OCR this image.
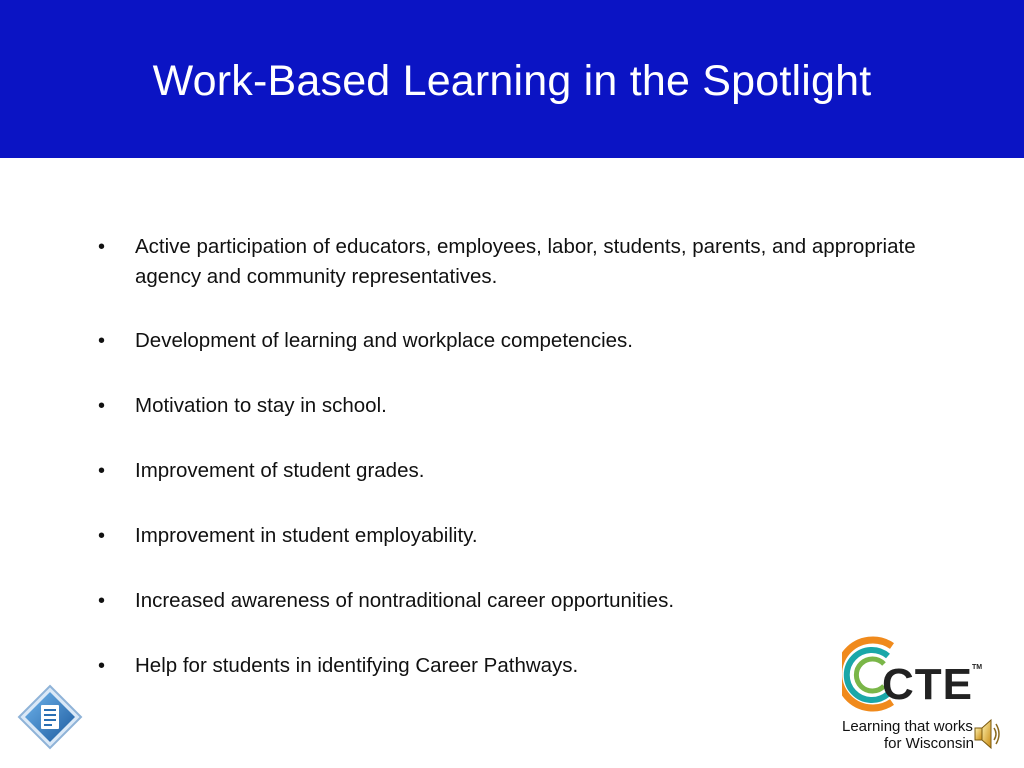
Work-Based Learning in the Spotlight
•
Active participation of educators, employees, labor, students, parents, and appropriate agency and community representatives.
•
Development of learning and workplace competencies.
•
Motivation to stay in school.
•
Improvement of student grades.
•
Improvement in student employability.
•
Increased awareness of nontraditional career opportunities.
•
Help for students in identifying Career Pathways.	CTE TM
Learning that works
for Wisconsin
